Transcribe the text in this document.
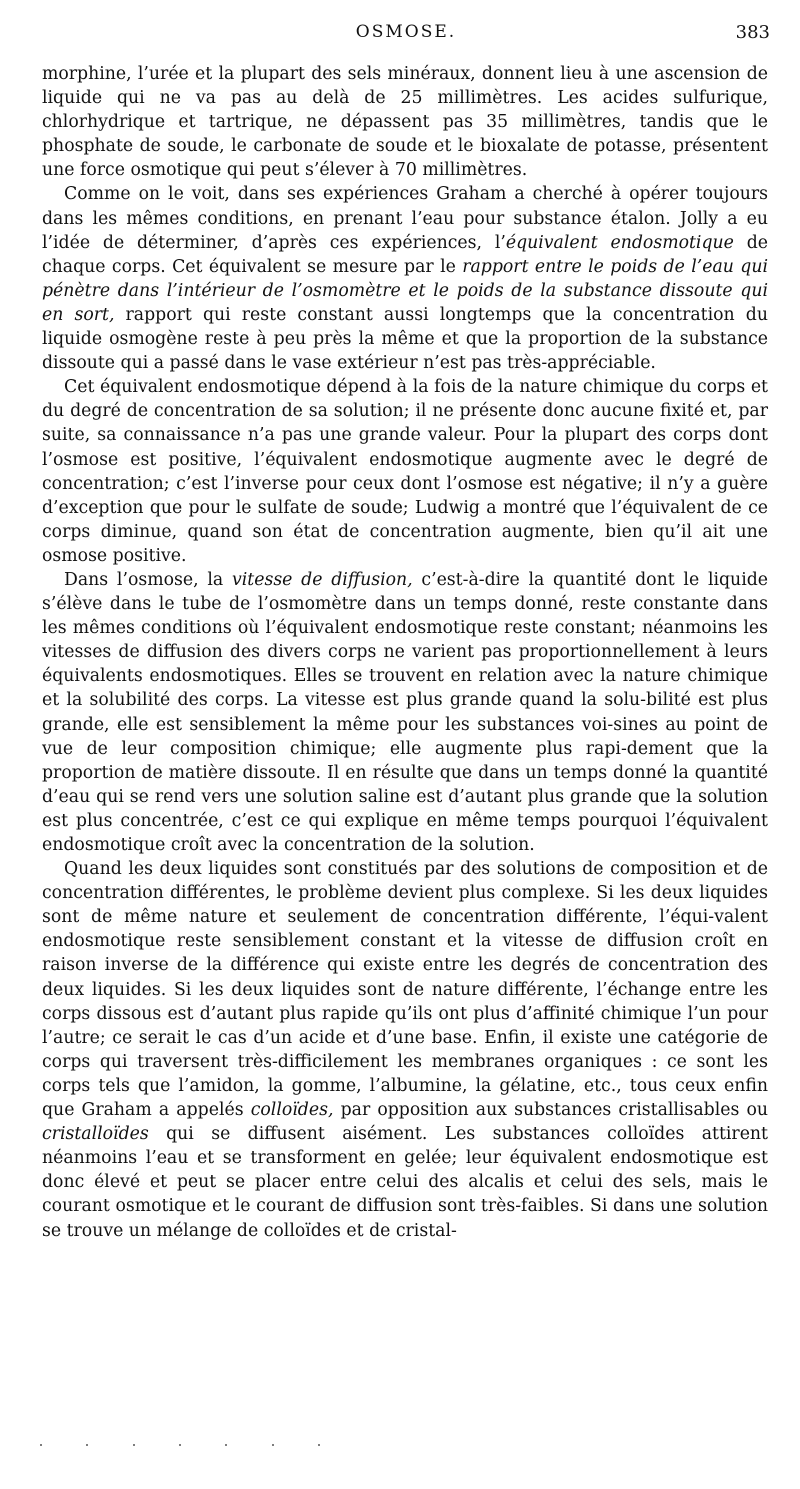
OSMOSE.	383

morphine, l’urée et la plupart des sels minéraux, donnent lieu à une ascension de liquide qui ne va pas au delà de 25 millimètres. Les acides sulfurique, chlorhydrique et tartrique, ne dépassent pas 35 millimètres, tandis que le phosphate de soude, le carbonate de soude et le bioxalate de potasse, présentent une force osmotique qui peut s’élever à 70 millimètres.

Comme on le voit, dans ses expériences Graham a cherché à opérer toujours dans les mêmes conditions, en prenant l’eau pour substance étalon. Jolly a eu l’idée de déterminer, d’après ces expériences, l’équivalent endosmotique de chaque corps. Cet équivalent se mesure par le rapport entre le poids de l’eau qui pénètre dans l’intérieur de l’osmomètre et le poids de la substance dissoute qui en sort, rapport qui reste constant aussi longtemps que la concentration du liquide osmogène reste à peu près la même et que la proportion de la substance dissoute qui a passé dans le vase extérieur n’est pas très-appréciable.

Cet équivalent endosmotique dépend à la fois de la nature chimique du corps et du degré de concentration de sa solution; il ne présente donc aucune fixité et, par suite, sa connaissance n’a pas une grande valeur. Pour la plupart des corps dont l’osmose est positive, l’équivalent endosmotique augmente avec le degré de concentration; c’est l’inverse pour ceux dont l’osmose est négative; il n’y a guère d’exception que pour le sulfate de soude; Ludwig a montré que l’équivalent de ce corps diminue, quand son état de concentration augmente, bien qu’il ait une osmose positive.

Dans l’osmose, la vitesse de diffusion, c’est-à-dire la quantité dont le liquide s’élève dans le tube de l’osmomètre dans un temps donné, reste constante dans les mêmes conditions où l’équivalent endosmotique reste constant; néanmoins les vitesses de diffusion des divers corps ne varient pas proportionnellement à leurs équivalents endosmotiques. Elles se trouvent en relation avec la nature chimique et la solubilité des corps. La vitesse est plus grande quand la solu-bilité est plus grande, elle est sensiblement la même pour les substances voi-sines au point de vue de leur composition chimique; elle augmente plus rapi-dement que la proportion de matière dissoute. Il en résulte que dans un temps donné la quantité d’eau qui se rend vers une solution saline est d’autant plus grande que la solution est plus concentrée, c’est ce qui explique en même temps pourquoi l’équivalent endosmotique croît avec la concentration de la solution.

Quand les deux liquides sont constitués par des solutions de composition et de concentration différentes, le problème devient plus complexe. Si les deux liquides sont de même nature et seulement de concentration différente, l’équi-valent endosmotique reste sensiblement constant et la vitesse de diffusion croît en raison inverse de la différence qui existe entre les degrés de concentration des deux liquides. Si les deux liquides sont de nature différente, l’échange entre les corps dissous est d’autant plus rapide qu’ils ont plus d’affinité chimique l’un pour l’autre; ce serait le cas d’un acide et d’une base. Enfin, il existe une catégorie de corps qui traversent très-difficilement les membranes organiques : ce sont les corps tels que l’amidon, la gomme, l’albumine, la gélatine, etc., tous ceux enfin que Graham a appelés colloïdes, par opposition aux substances cristallisables ou cristalloïdes qui se diffusent aisément. Les substances colloïdes attirent néanmoins l’eau et se transforment en gelée; leur équivalent endosmotique est donc élevé et peut se placer entre celui des alcalis et celui des sels, mais le courant osmotique et le courant de diffusion sont très-faibles. Si dans une solution se trouve un mélange de colloïdes et de cristal-
